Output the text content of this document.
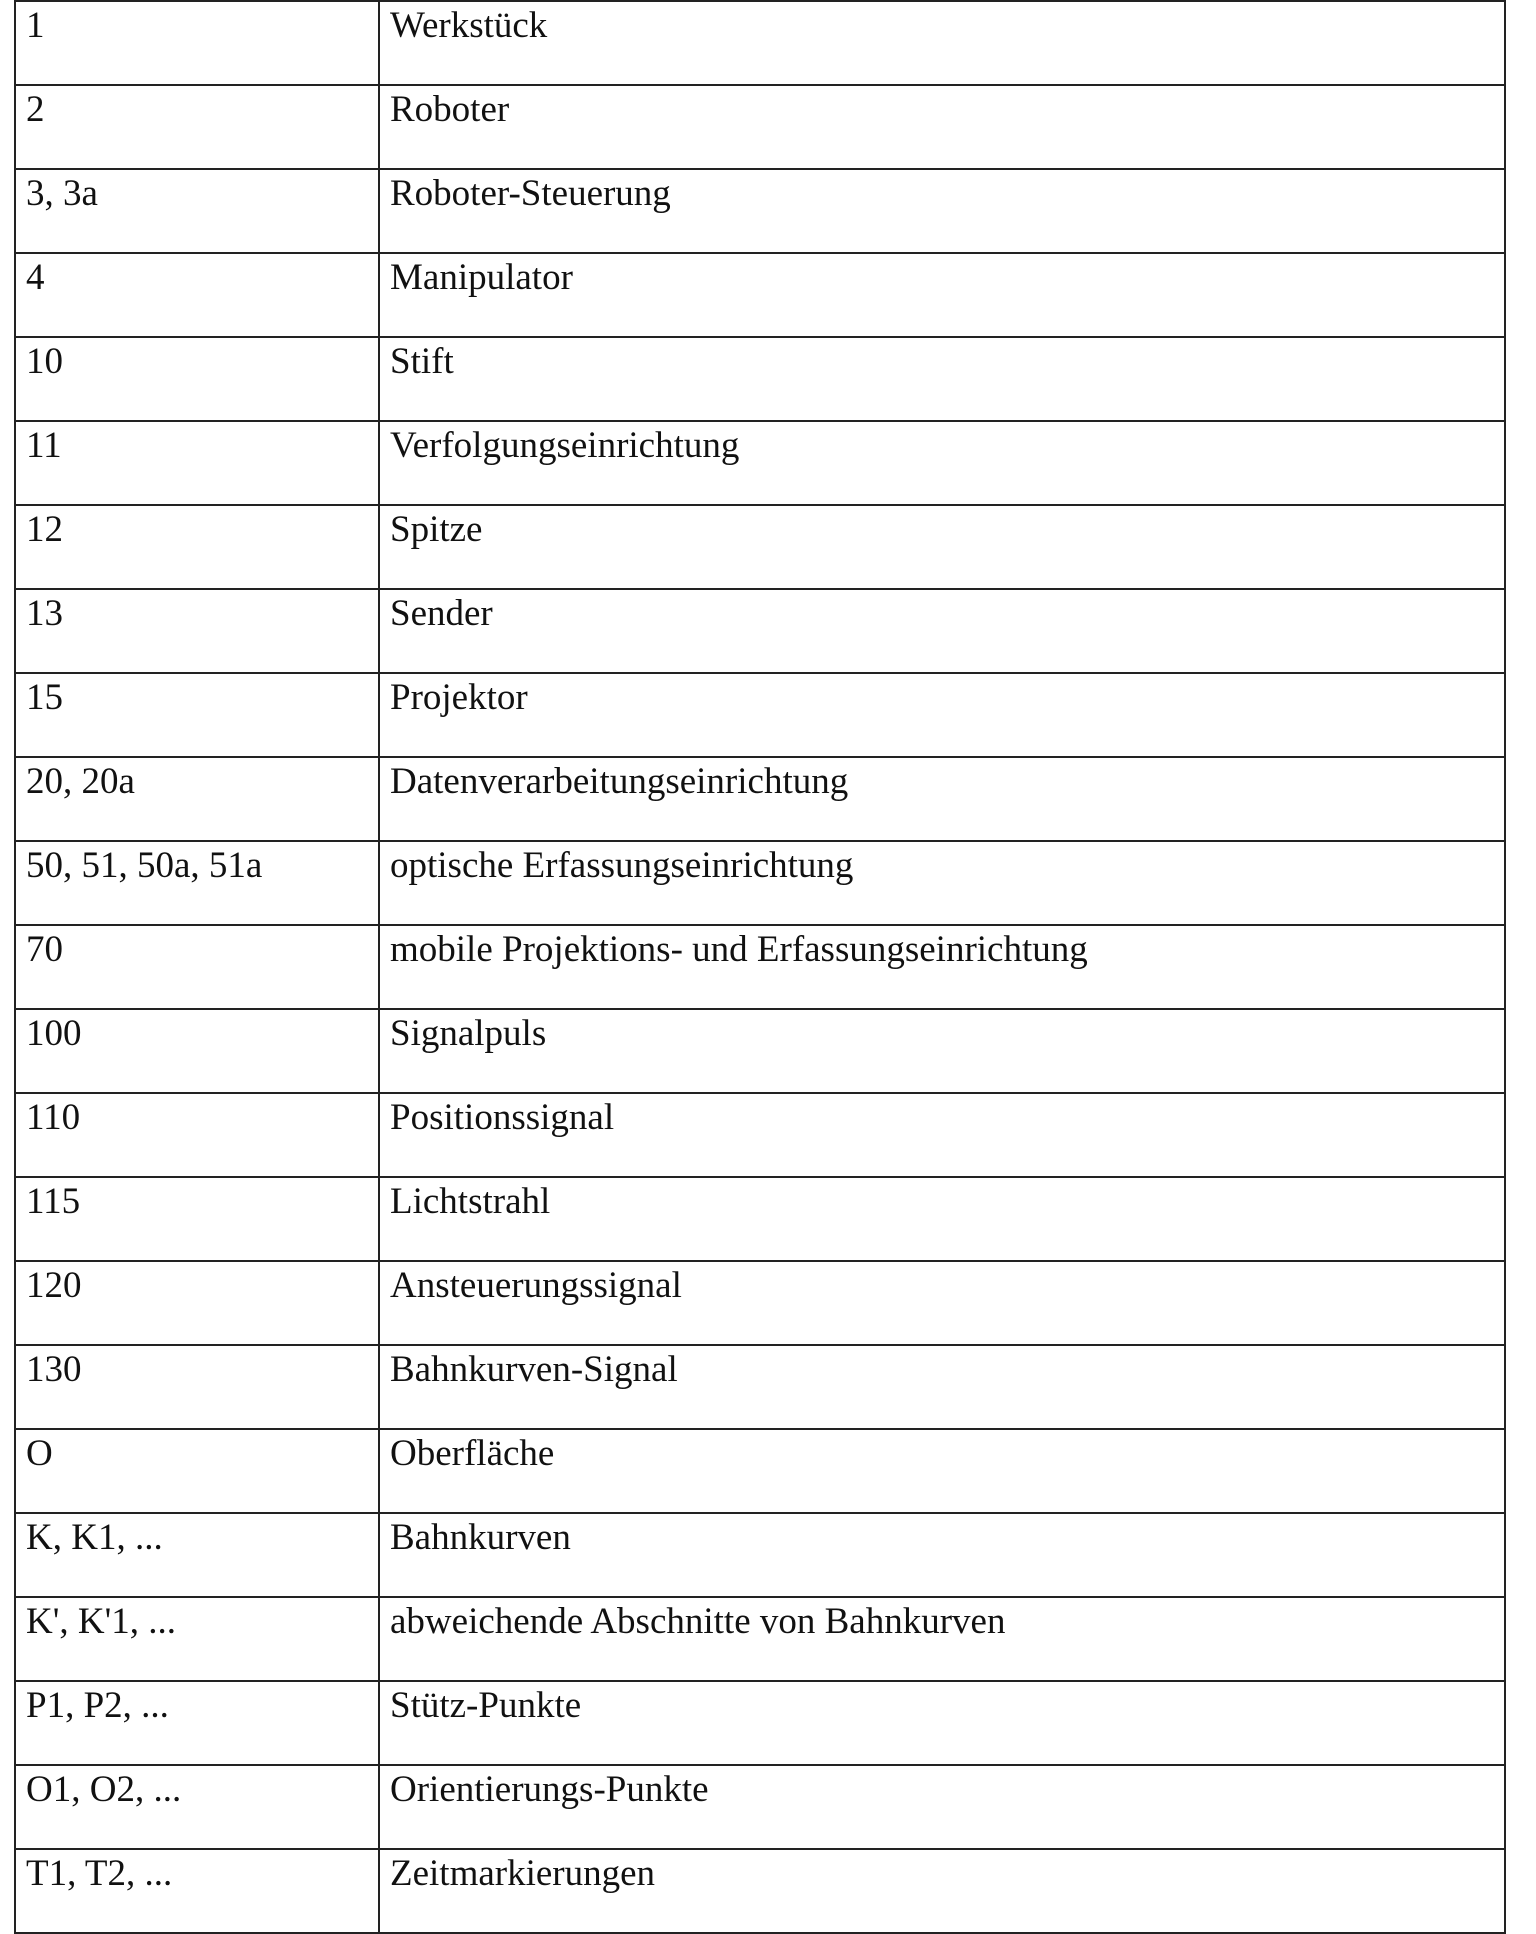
1	Werkstück
2	Roboter
3, 3a	Roboter-Steuerung
4	Manipulator
10	Stift
11	Verfolgungseinrichtung
12	Spitze
13	Sender
15	Projektor
20, 20a	Datenverarbeitungseinrichtung
50, 51, 50a, 51a	optische Erfassungseinrichtung
70	mobile Projektions- und Erfassungseinrichtung
100	Signalpuls
110	Positionssignal
115	Lichtstrahl
120	Ansteuerungssignal
130	Bahnkurven-Signal
O	Oberfläche
K, K1, ...	Bahnkurven
K', K'1, ...	abweichende Abschnitte von Bahnkurven
P1, P2, ...	Stütz-Punkte
O1, O2, ...	Orientierungs-Punkte
T1, T2, ...	Zeitmarkierungen
